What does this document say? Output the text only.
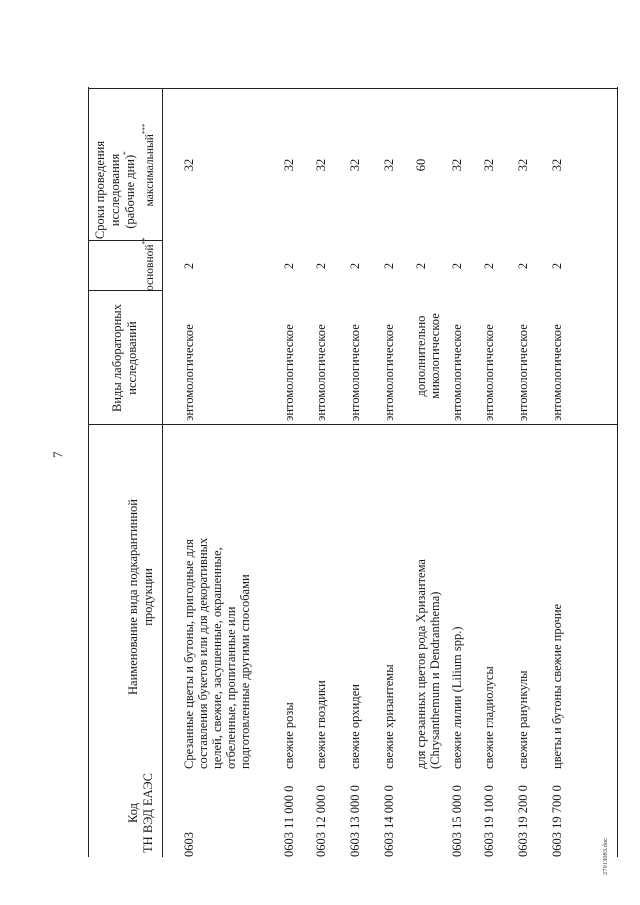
7
27013083.doc
Код ТН ВЭД ЕАЭС
Наименование вида подкарантинной продукции
Виды лабораторных исследований
Сроки проведения исследования (рабочие дни)*
основной**
максимальный***
0603
Срезанные цветы и бутоны, пригодные для составления букетов или для декоративных целей, свежие, засушенные, окрашенные, отбеленные, пропитанные или подготовленные другими способами
энтомологическое
2
32
0603 11 000 0
свежие розы
энтомологическое
2
32
0603 12 000 0
свежие гвоздики
энтомологическое
2
32
0603 13 000 0
свежие орхидеи
энтомологическое
2
32
0603 14 000 0
свежие хризантемы
энтомологическое
2
32
для срезанных цветов рода Хризантема (Chrysanthemum и Dendranthema)
дополнительно микологическое
2
60
0603 15 000 0
свежие лилии (Lilium spp.)
энтомологическое
2
32
0603 19 100 0
свежие гладиолусы
энтомологическое
2
32
0603 19 200 0
свежие ранункулы
энтомологическое
2
32
0603 19 700 0
цветы и бутоны свежие прочие
энтомологическое
2
32
